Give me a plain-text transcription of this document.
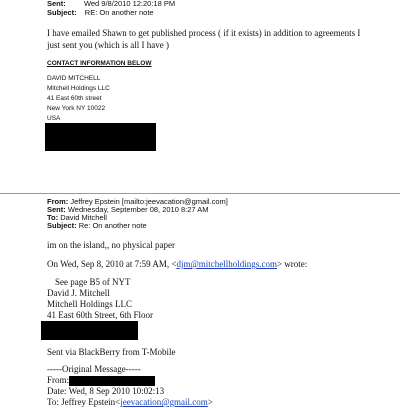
Sent: Wed 9/8/2010 12:20:18 PM
Subject: RE: On another note
I have emailed Shawn to get published process ( if it exists) in addition to agreements I
just sent you (which is all I have )
CONTACT INFORMATION BELOW
DAVID MITCHELL
Mitchell Holdings LLC
41 East 60th street
New York NY 10022
USA
From: Jeffrey Epstein [mailto:jeevacation@gmail.com]
Sent: Wednesday, September 08, 2010 8:27 AM
To: David Mitchell
Subject: Re: On another note
im on the island,, no physical paper
On Wed, Sep 8, 2010 at 7:59 AM, <djm@mitchellholdings.com> wrote:
See page B5 of NYT
David J. Mitchell
Mitchell Holdings LLC
41 East 60th Street, 6th Floor
Sent via BlackBerry from T-Mobile
-----Original Message-----
From:
Date: Wed, 8 Sep 2010 10:02:13
To: Jeffrey Epstein<jeevacation@gmail.com>
